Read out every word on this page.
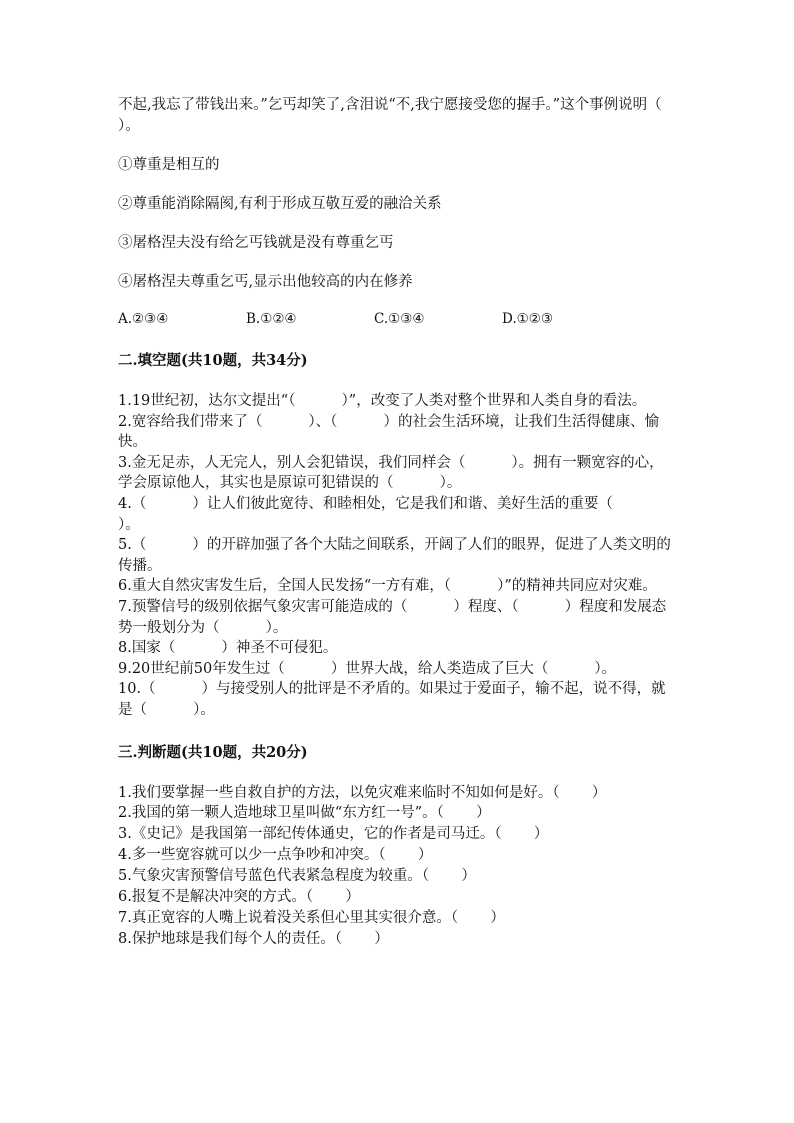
不起,我忘了带钱出来。”乞丐却笑了,含泪说“不,我宁愿接受您的握手。”这个事例说明（        ）。

①尊重是相互的

②尊重能消除隔阂,有利于形成互敬互爱的融洽关系

③屠格涅夫没有给乞丐钱就是没有尊重乞丐

④屠格涅夫尊重乞丐,显示出他较高的内在修养

A.②③④	B.①②④	C.①③④	D.①②③

二.填空题(共10题，共34分)

1.19世纪初，达尔文提出“（          ）”，改变了人类对整个世界和人类自身的看法。

2.宽容给我们带来了（          ）、（          ）的社会生活环境，让我们生活得健康、愉快。

3.金无足赤，人无完人，别人会犯错误，我们同样会（          ）。拥有一颗宽容的心，学会原谅他人，其实也是原谅可犯错误的（          ）。

4.（          ）让人们彼此宽待、和睦相处，它是我们和谐、美好生活的重要（          ）。

5.（          ）的开辟加强了各个大陆之间联系，开阔了人们的眼界，促进了人类文明的传播。

6.重大自然灾害发生后，全国人民发扬“一方有难，（          ）”的精神共同应对灾难。

7.预警信号的级别依据气象灾害可能造成的（          ）程度、（          ）程度和发展态势一般划分为（          ）。

8.国家（          ）神圣不可侵犯。

9.20世纪前50年发生过（          ）世界大战，给人类造成了巨大（          ）。

10.（          ）与接受别人的批评是不矛盾的。如果过于爱面子，输不起，说不得，就是（          ）。

三.判断题(共10题，共20分)

1.我们要掌握一些自救自护的方法，以免灾难来临时不知如何是好。（       ）

2.我国的第一颗人造地球卫星叫做“东方红一号”。（       ）

3.《史记》是我国第一部纪传体通史，它的作者是司马迁。（       ）

4.多一些宽容就可以少一点争吵和冲突。（       ）

5.气象灾害预警信号蓝色代表紧急程度为较重。（       ）

6.报复不是解决冲突的方式。（       ）

7.真正宽容的人嘴上说着没关系但心里其实很介意。（       ）

8.保护地球是我们每个人的责任。（       ）
